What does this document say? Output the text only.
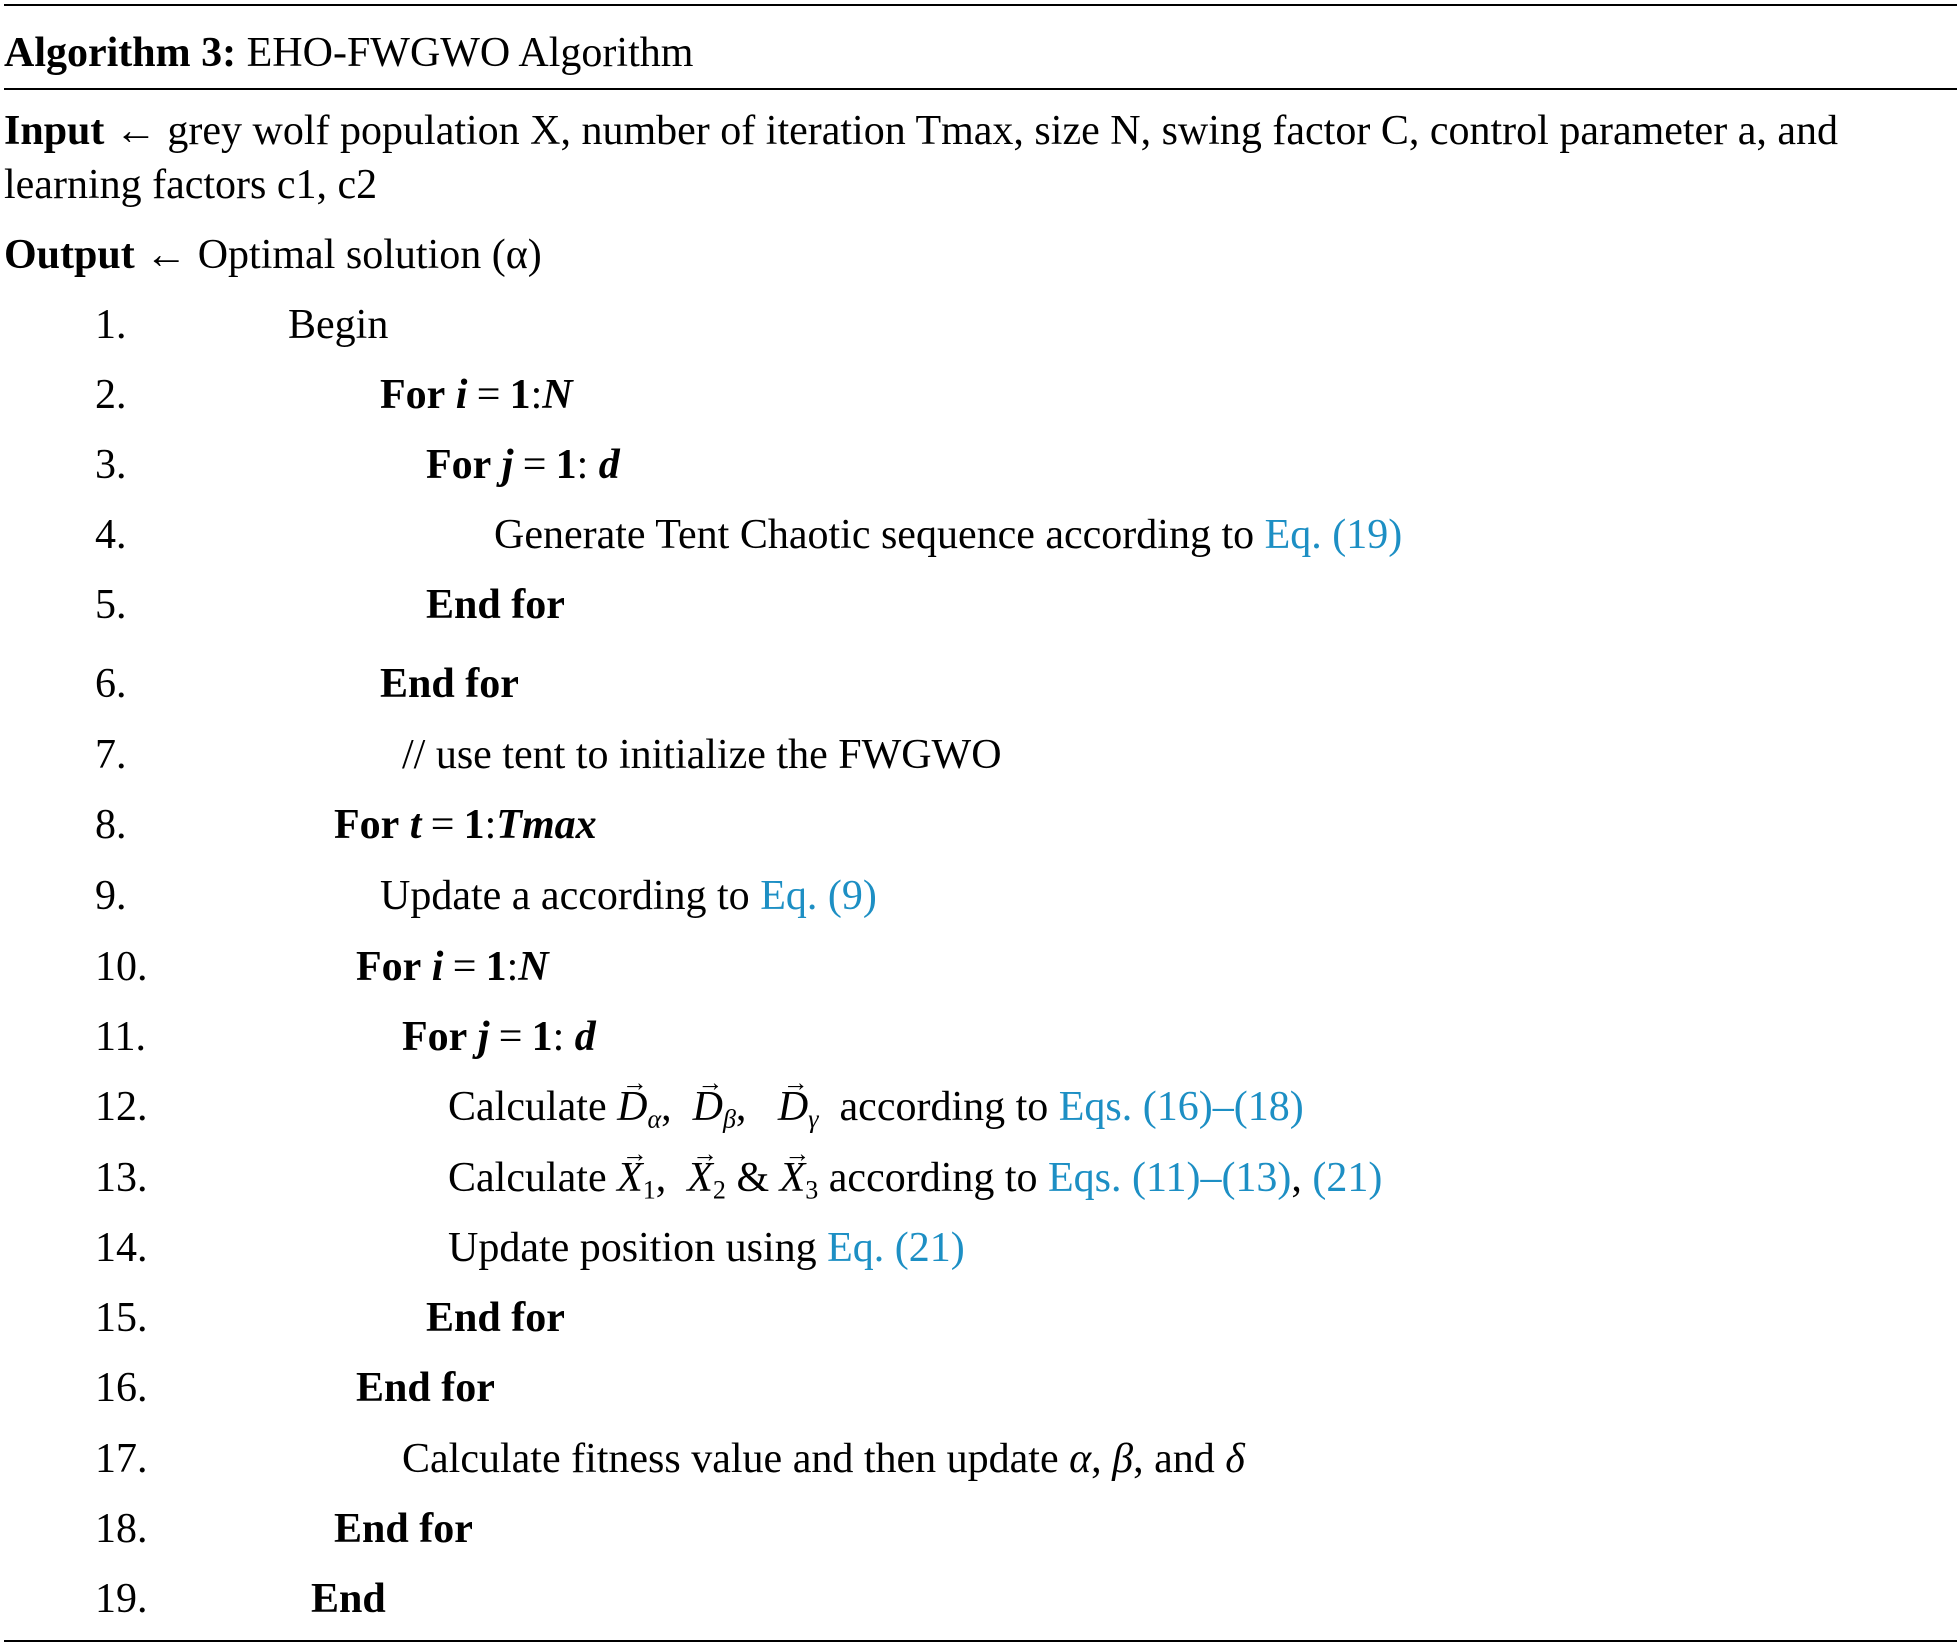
Algorithm 3: EHO-FWGWO Algorithm
Input ← grey wolf population X, number of iteration Tmax, size N, swing factor C, control parameter a, and
learning factors c1, c2
Output ← Optimal solution (α)
1.	Begin
2.	For i = 1:N
3.	For j = 1: d
4.	Generate Tent Chaotic sequence according to Eq. (19)
5.	End for
6.	End for
7.	// use tent to initialize the FWGWO
8.	For t = 1:Tmax
9.	Update a according to Eq. (9)
10.	For i = 1:N
11.	For j = 1: d
12.	Calculate → $D_\alpha$, → $D_\beta$, → $D_\gamma$ according to Eqs. (16)–(18)
13.	Calculate → $X_1$, → $X_2$ & → $X_3$ according to Eqs. (11)–(13), (21)
14.	Update position using Eq. (21)
15.	End for
16.	End for
17.	Calculate fitness value and then update α, β, and δ
18.	End for
19.	End
